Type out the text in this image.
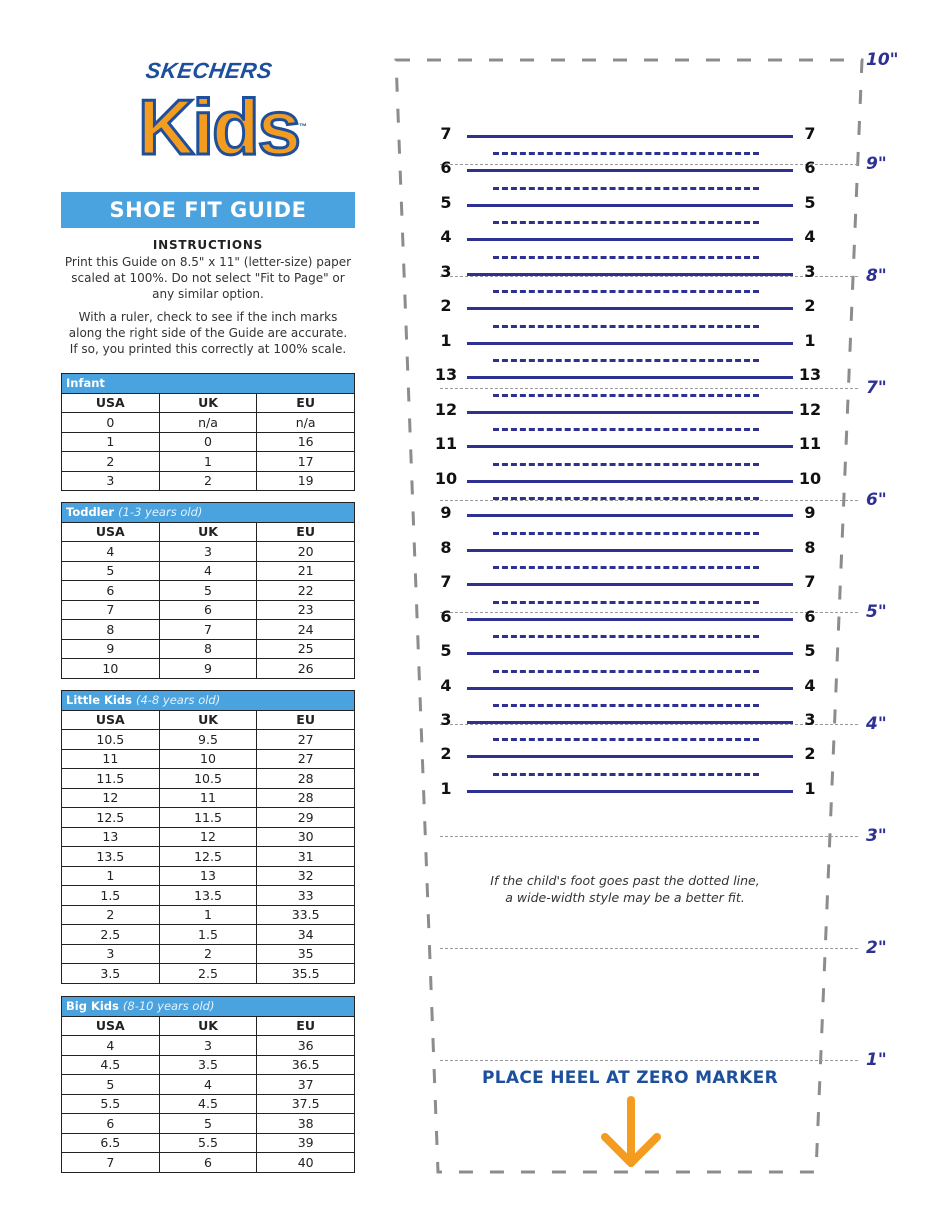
SKECHERS
Kids™
SHOE FIT GUIDE
INSTRUCTIONS
Print this Guide on 8.5" x 11" (letter-size) paper
scaled at 100%. Do not select "Fit to Page" or
any similar option.
With a ruler, check to see if the inch marks
along the right side of the Guide are accurate.
If so, you printed this correctly at 100% scale.
Infant		
USA	UK	EU
0	n/a	n/a
1	0	16
2	1	17
3	2	19
Toddler (1-3 years old)		
USA	UK	EU
4	3	20
5	4	21
6	5	22
7	6	23
8	7	24
9	8	25
10	9	26
Little Kids (4-8 years old)		
USA	UK	EU
10.5	9.5	27
11	10	27
11.5	10.5	28
12	11	28
12.5	11.5	29
13	12	30
13.5	12.5	31
1	13	32
1.5	13.5	33
2	1	33.5
2.5	1.5	34
3	2	35
3.5	2.5	35.5
Big Kids (8-10 years old)		
USA	UK	EU
4	3	36
4.5	3.5	36.5
5	4	37
5.5	4.5	37.5
6	5	38
6.5	5.5	39
7	6	40
10"
9"
8"
7"
6"
5"
4"
3"
2"
1"
7	7
6	6
5	5
4	4
3	3
2	2
1	1
13	13
12	12
11	11
10	10
9	9
8	8
7	7
6	6
5	5
4	4
3	3
2	2
1	1
If the child's foot goes past the dotted line,
a wide-width style may be a better fit.
PLACE HEEL AT ZERO MARKER
